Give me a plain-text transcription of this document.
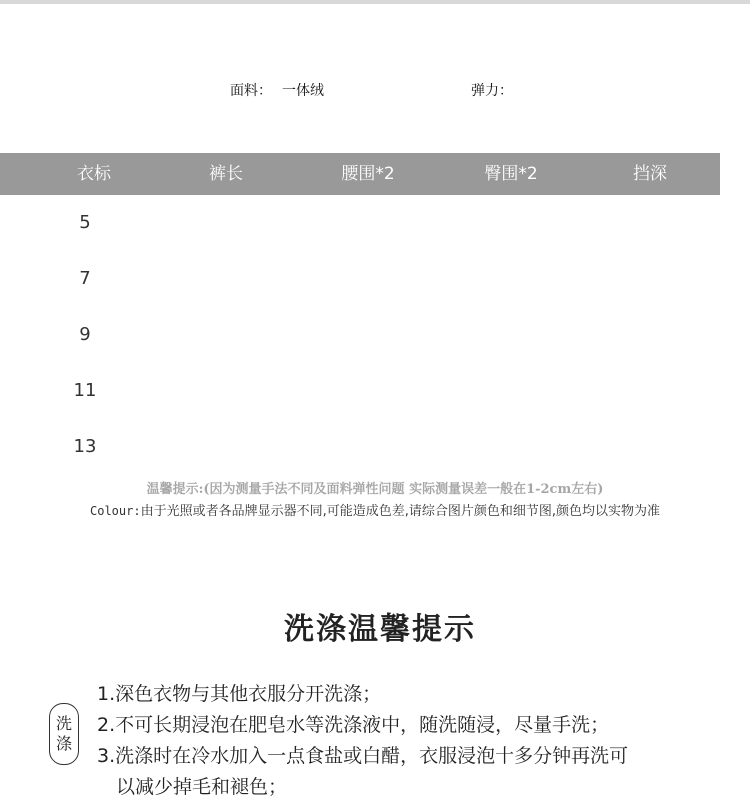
面料： 一体绒	弹力：
衣标	裤长	腰围*2	臀围*2	挡深
5
7
9
11
13
温馨提示:(因为测量手法不同及面料弹性问题 实际测量误差一般在1-2cm左右)
Colour:由于光照或者各品牌显示器不同,可能造成色差,请综合图片颜色和细节图,颜色均以实物为准
洗涤温馨提示
洗
涤
1.深色衣物与其他衣服分开洗涤；
2.不可长期浸泡在肥皂水等洗涤液中，随洗随浸，尽量手洗；
3.洗涤时在冷水加入一点食盐或白醋，衣服浸泡十多分钟再洗可
以减少掉毛和褪色；
